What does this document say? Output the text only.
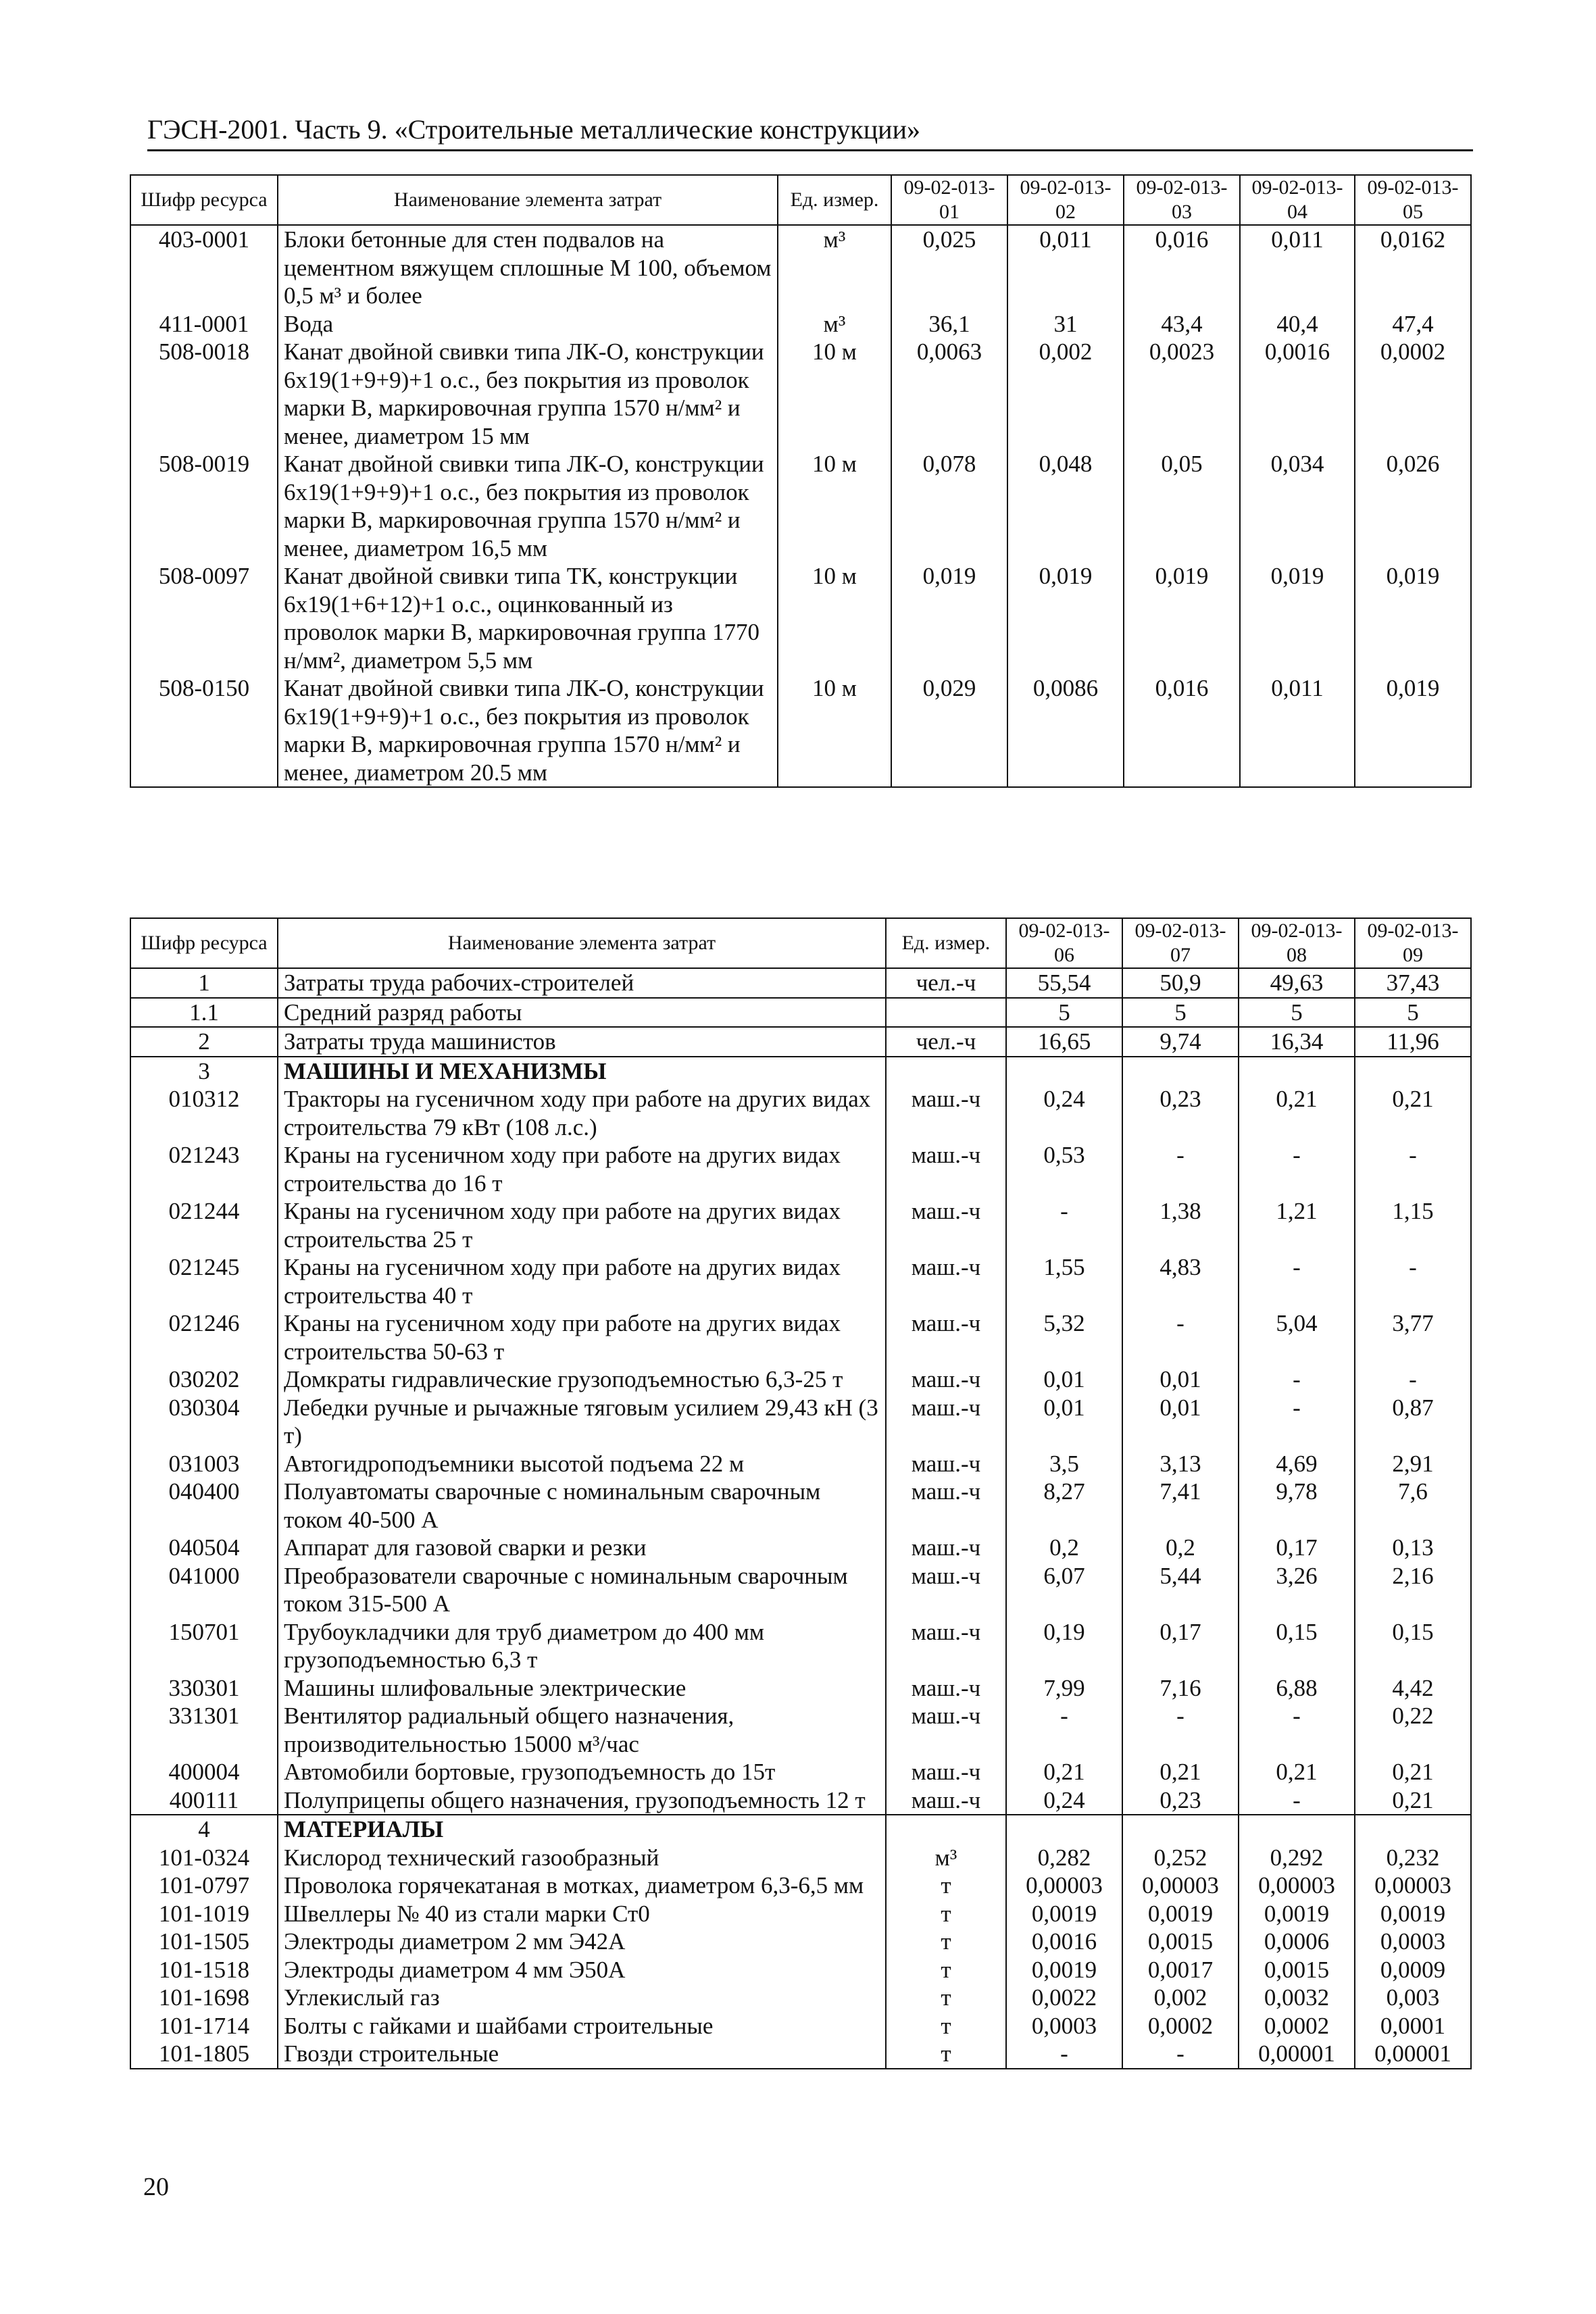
ГЭСН-2001. Часть 9. «Строительные металлические конструкции»
Шифр ресурса	Наименование элемента затрат	Ед. измер.	09-02-013-01	09-02-013-02	09-02-013-03	09-02-013-04	09-02-013-05
403-0001	Блоки бетонные для стен подвалов на цементном вяжущем сплошные М 100, объемом 0,5 м³ и более	м³	0,025	0,011	0,016	0,011	0,0162
411-0001	Вода	м³	36,1	31	43,4	40,4	47,4
508-0018	Канат двойной свивки типа ЛК-О, конструкции 6х19(1+9+9)+1 о.с., без покрытия из проволок марки В, маркировочная группа 1570 н/мм² и менее, диаметром 15 мм	10 м	0,0063	0,002	0,0023	0,0016	0,0002
508-0019	Канат двойной свивки типа ЛК-О, конструкции 6х19(1+9+9)+1 о.с., без покрытия из проволок марки В, маркировочная группа 1570 н/мм² и менее, диаметром 16,5 мм	10 м	0,078	0,048	0,05	0,034	0,026
508-0097	Канат двойной свивки типа ТК, конструкции 6х19(1+6+12)+1 о.с., оцинкованный из проволок марки В, маркировочная группа 1770 н/мм², диаметром 5,5 мм	10 м	0,019	0,019	0,019	0,019	0,019
508-0150	Канат двойной свивки типа ЛК-О, конструкции 6х19(1+9+9)+1 о.с., без покрытия из проволок марки В, маркировочная группа 1570 н/мм² и менее, диаметром 20.5 мм	10 м	0,029	0,0086	0,016	0,011	0,019
Шифр ресурса	Наименование элемента затрат	Ед. измер.	09-02-013-06	09-02-013-07	09-02-013-08	09-02-013-09
1	Затраты труда рабочих-строителей	чел.-ч	55,54	50,9	49,63	37,43
1.1	Средний разряд работы		5	5	5	5
2	Затраты труда машинистов	чел.-ч	16,65	9,74	16,34	11,96
3	МАШИНЫ И МЕХАНИЗМЫ					
010312	Тракторы на гусеничном ходу при работе на других видах строительства 79 кВт (108 л.с.)	маш.-ч	0,24	0,23	0,21	0,21
021243	Краны на гусеничном ходу при работе на других видах строительства до 16 т	маш.-ч	0,53	-	-	-
021244	Краны на гусеничном ходу при работе на других видах строительства 25 т	маш.-ч	-	1,38	1,21	1,15
021245	Краны на гусеничном ходу при работе на других видах строительства 40 т	маш.-ч	1,55	4,83	-	-
021246	Краны на гусеничном ходу при работе на других видах строительства 50-63 т	маш.-ч	5,32	-	5,04	3,77
030202	Домкраты гидравлические грузоподъемностью 6,3-25 т	маш.-ч	0,01	0,01	-	-
030304	Лебедки ручные и рычажные тяговым усилием 29,43 кН (3 т)	маш.-ч	0,01	0,01	-	0,87
031003	Автогидроподъемники высотой подъема 22 м	маш.-ч	3,5	3,13	4,69	2,91
040400	Полуавтоматы сварочные с номинальным сварочным током 40-500 А	маш.-ч	8,27	7,41	9,78	7,6
040504	Аппарат для газовой сварки и резки	маш.-ч	0,2	0,2	0,17	0,13
041000	Преобразователи сварочные с номинальным сварочным током 315-500 А	маш.-ч	6,07	5,44	3,26	2,16
150701	Трубоукладчики для труб диаметром до 400 мм грузоподъемностью 6,3 т	маш.-ч	0,19	0,17	0,15	0,15
330301	Машины шлифовальные электрические	маш.-ч	7,99	7,16	6,88	4,42
331301	Вентилятор радиальный общего назначения, производительностью 15000 м³/час	маш.-ч	-	-	-	0,22
400004	Автомобили бортовые, грузоподъемность до 15т	маш.-ч	0,21	0,21	0,21	0,21
400111	Полуприцепы общего назначения, грузоподъемность 12 т	маш.-ч	0,24	0,23	-	0,21
4	МАТЕРИАЛЫ					
101-0324	Кислород технический газообразный	м³	0,282	0,252	0,292	0,232
101-0797	Проволока горячекатаная в мотках, диаметром 6,3-6,5 мм	т	0,00003	0,00003	0,00003	0,00003
101-1019	Швеллеры № 40 из стали марки Ст0	т	0,0019	0,0019	0,0019	0,0019
101-1505	Электроды диаметром 2 мм Э42А	т	0,0016	0,0015	0,0006	0,0003
101-1518	Электроды диаметром 4 мм Э50А	т	0,0019	0,0017	0,0015	0,0009
101-1698	Углекислый газ	т	0,0022	0,002	0,0032	0,003
101-1714	Болты с гайками и шайбами строительные	т	0,0003	0,0002	0,0002	0,0001
101-1805	Гвозди строительные	т	-	-	0,00001	0,00001
20
